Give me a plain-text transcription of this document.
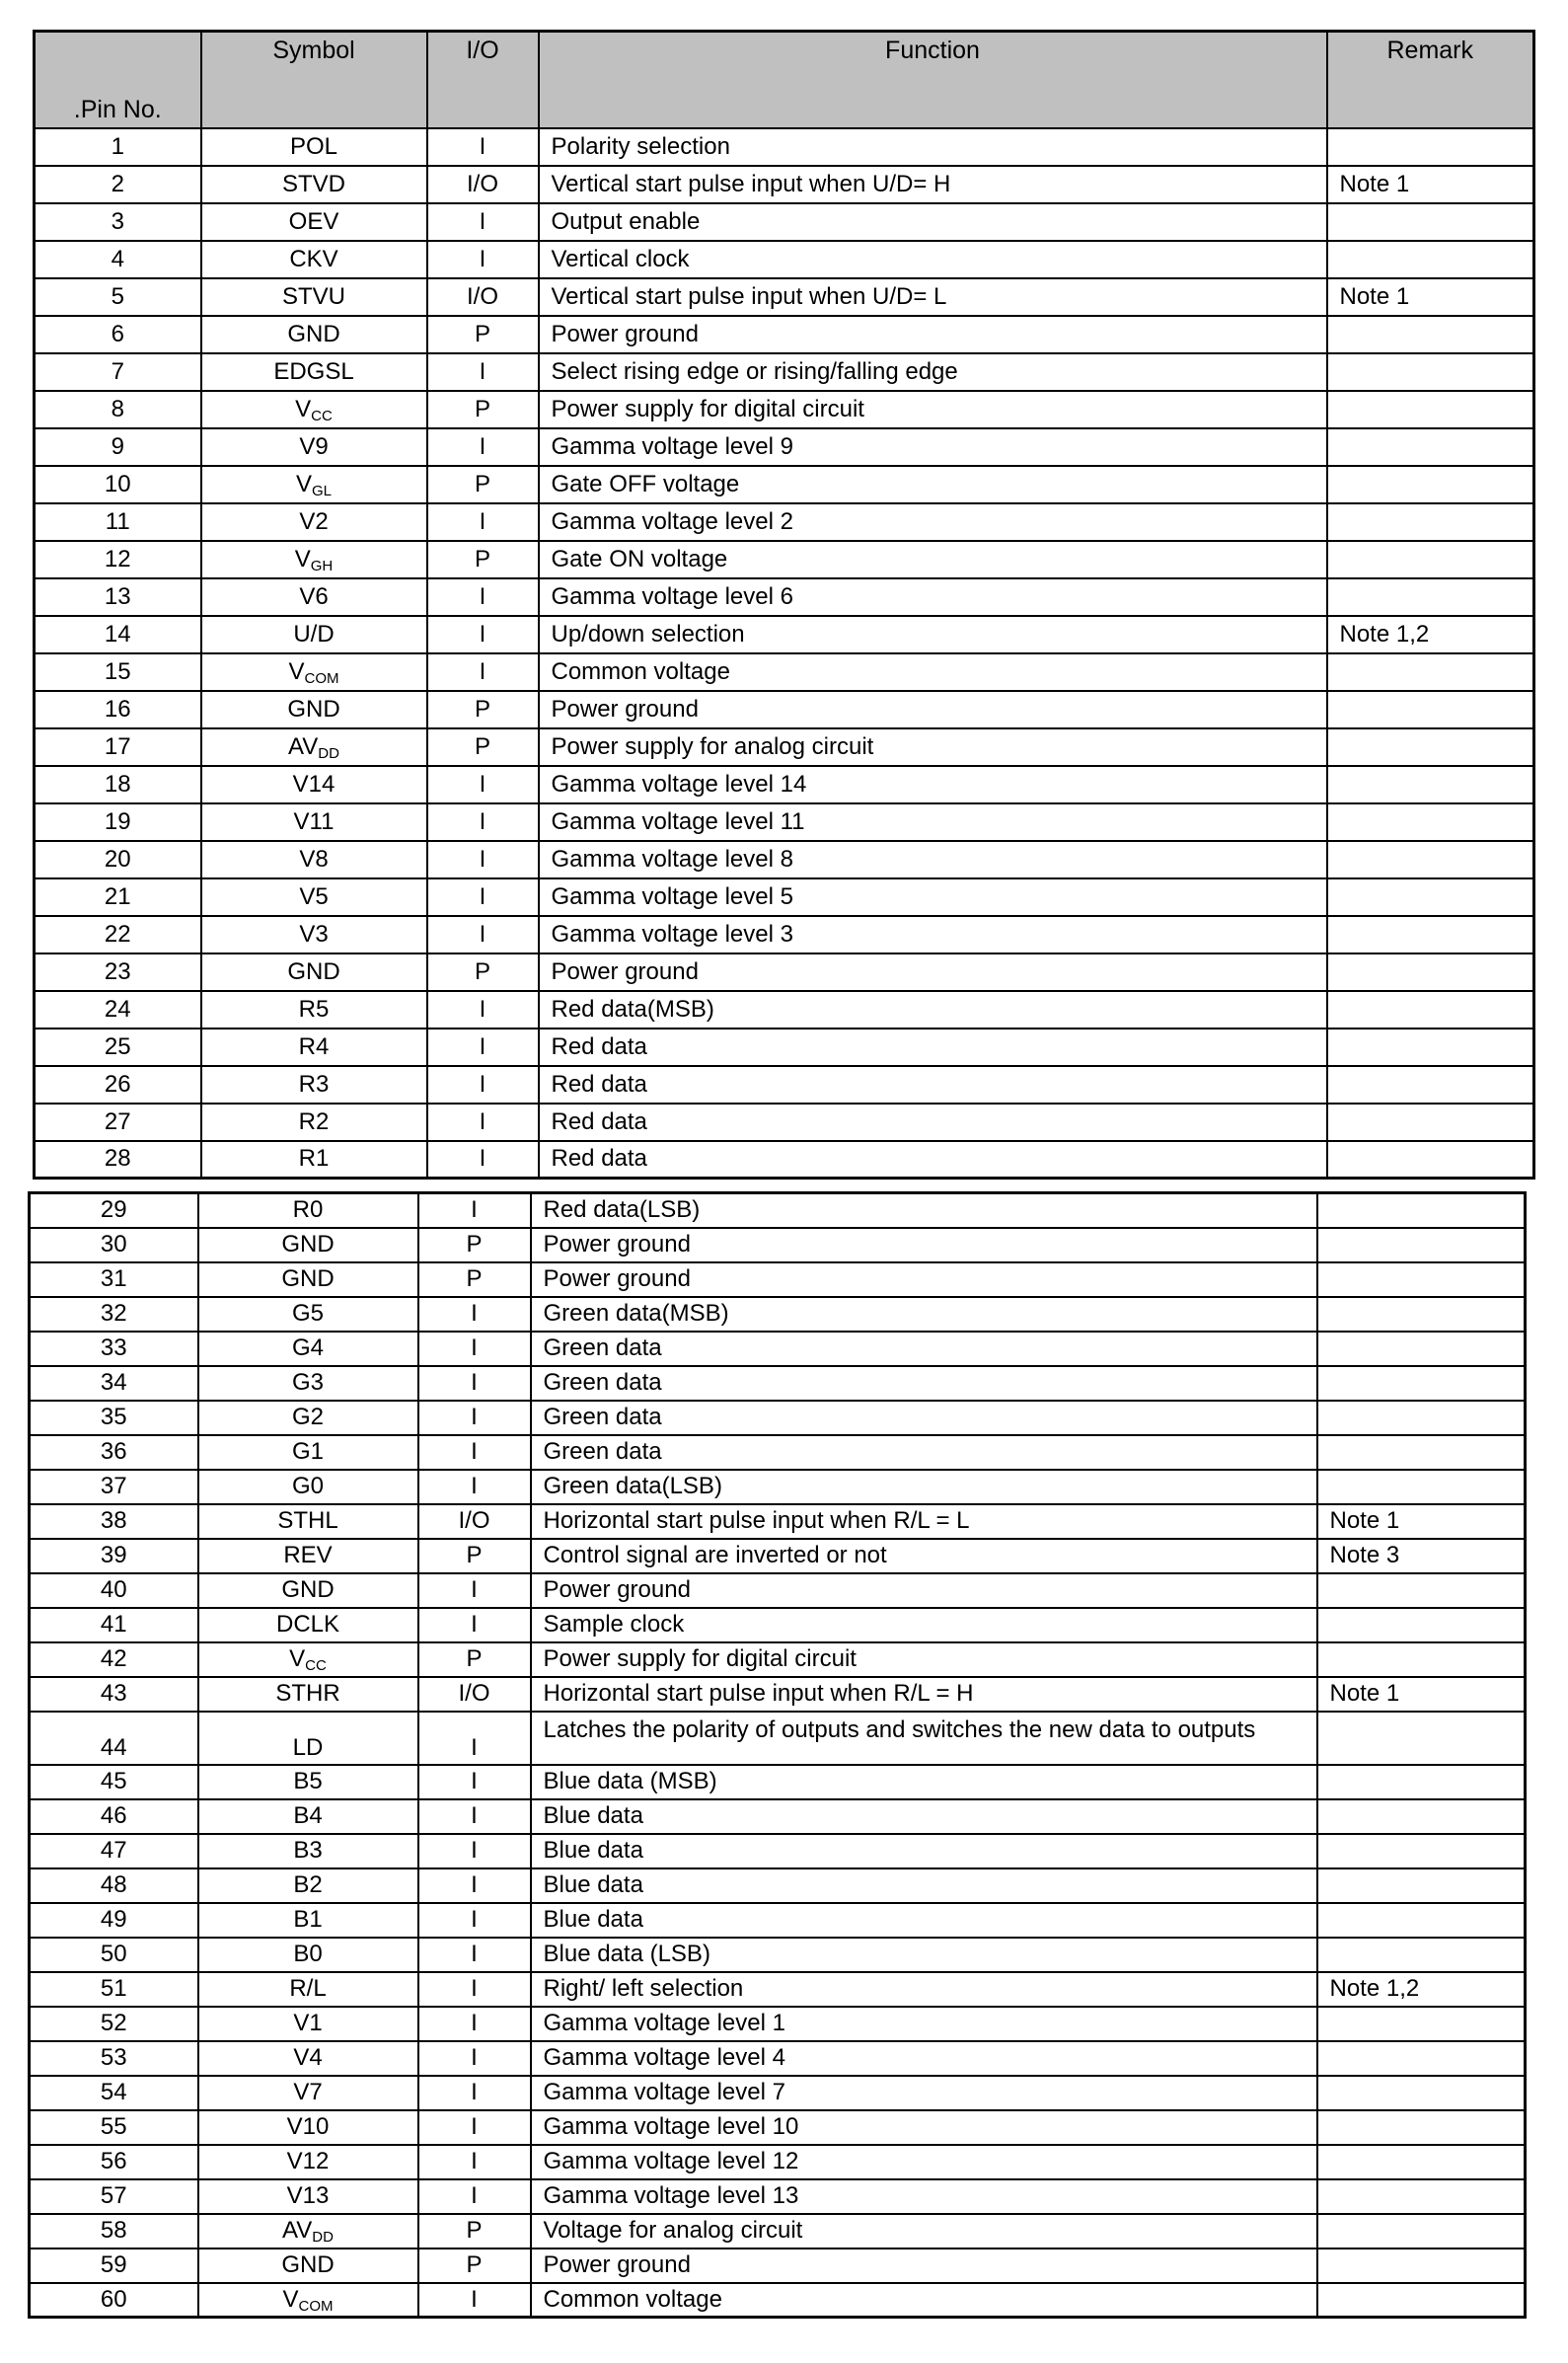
.Pin No.	Symbol	I/O	Function	Remark
1	POL	I	Polarity selection	
2	STVD	I/O	Vertical start pulse input when U/D= H	Note 1
3	OEV	I	Output enable	
4	CKV	I	Vertical clock	
5	STVU	I/O	Vertical start pulse input when U/D= L	Note 1
6	GND	P	Power ground	
7	EDGSL	I	Select rising edge or rising/falling edge	
8	$V_{CC}$	P	Power supply for digital circuit	
9	V9	I	Gamma voltage level 9	
10	$V_{GL}$	P	Gate OFF voltage	
11	V2	I	Gamma voltage level 2	
12	$V_{GH}$	P	Gate ON voltage	
13	V6	I	Gamma voltage level 6	
14	U/D	I	Up/down selection	Note 1,2
15	$V_{COM}$	I	Common voltage	
16	GND	P	Power ground	
17	$AV_{DD}$	P	Power supply for analog circuit	
18	V14	I	Gamma voltage level 14	
19	V11	I	Gamma voltage level 11	
20	V8	I	Gamma voltage level 8	
21	V5	I	Gamma voltage level 5	
22	V3	I	Gamma voltage level 3	
23	GND	P	Power ground	
24	R5	I	Red data(MSB)	
25	R4	I	Red data	
26	R3	I	Red data	
27	R2	I	Red data	
28	R1	I	Red data	
29	R0	I	Red data(LSB)	
30	GND	P	Power ground	
31	GND	P	Power ground	
32	G5	I	Green data(MSB)	
33	G4	I	Green data	
34	G3	I	Green data	
35	G2	I	Green data	
36	G1	I	Green data	
37	G0	I	Green data(LSB)	
38	STHL	I/O	Horizontal start pulse input when R/L = L	Note 1
39	REV	P	Control signal are inverted or not	Note 3
40	GND	I	Power ground	
41	DCLK	I	Sample clock	
42	$V_{CC}$	P	Power supply for digital circuit	
43	STHR	I/O	Horizontal start pulse input when R/L = H	Note 1
44	LD	I	Latches the polarity of outputs and switches the new data to outputs	
45	B5	I	Blue data (MSB)	
46	B4	I	Blue data	
47	B3	I	Blue data	
48	B2	I	Blue data	
49	B1	I	Blue data	
50	B0	I	Blue data (LSB)	
51	R/L	I	Right/ left selection	Note 1,2
52	V1	I	Gamma voltage level 1	
53	V4	I	Gamma voltage level 4	
54	V7	I	Gamma voltage level 7	
55	V10	I	Gamma voltage level 10	
56	V12	I	Gamma voltage level 12	
57	V13	I	Gamma voltage level 13	
58	$AV_{DD}$	P	Voltage for analog circuit	
59	GND	P	Power ground	
60	$V_{COM}$	I	Common voltage	
